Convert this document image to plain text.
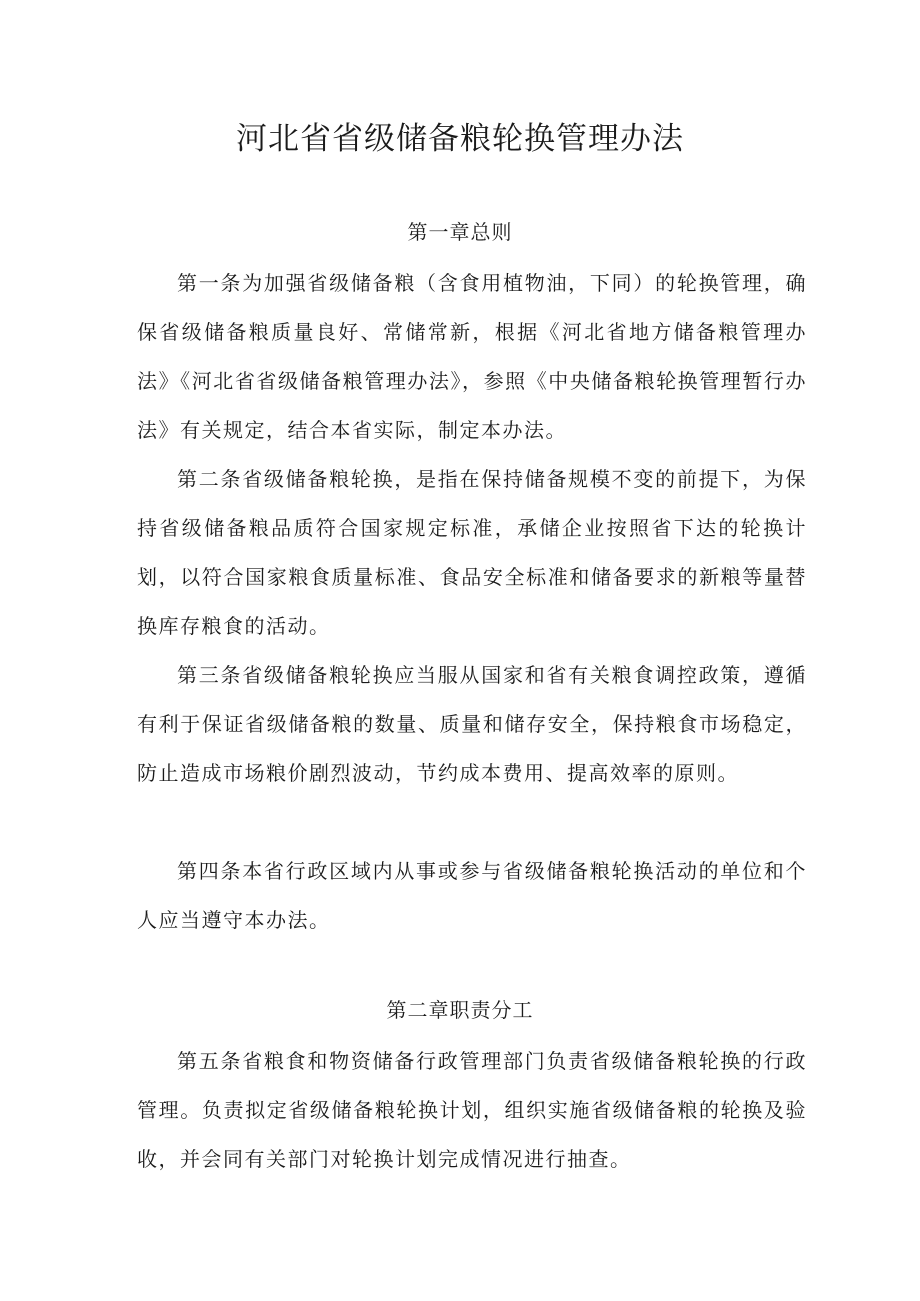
河北省省级储备粮轮换管理办法
第一章总则

第一条为加强省级储备粮（含食用植物油，下同）的轮换管理，确保省级储备粮质量良好、常储常新，根据《河北省地方储备粮管理办法》《河北省省级储备粮管理办法》，参照《中央储备粮轮换管理暂行办法》有关规定，结合本省实际，制定本办法。

第二条省级储备粮轮换，是指在保持储备规模不变的前提下，为保持省级储备粮品质符合国家规定标准，承储企业按照省下达的轮换计划，以符合国家粮食质量标准、食品安全标准和储备要求的新粮等量替换库存粮食的活动。

第三条省级储备粮轮换应当服从国家和省有关粮食调控政策，遵循有利于保证省级储备粮的数量、质量和储存安全，保持粮食市场稳定，防止造成市场粮价剧烈波动，节约成本费用、提高效率的原则。

第四条本省行政区域内从事或参与省级储备粮轮换活动的单位和个人应当遵守本办法。

第二章职责分工

第五条省粮食和物资储备行政管理部门负责省级储备粮轮换的行政管理。负责拟定省级储备粮轮换计划，组织实施省级储备粮的轮换及验收，并会同有关部门对轮换计划完成情况进行抽查。
